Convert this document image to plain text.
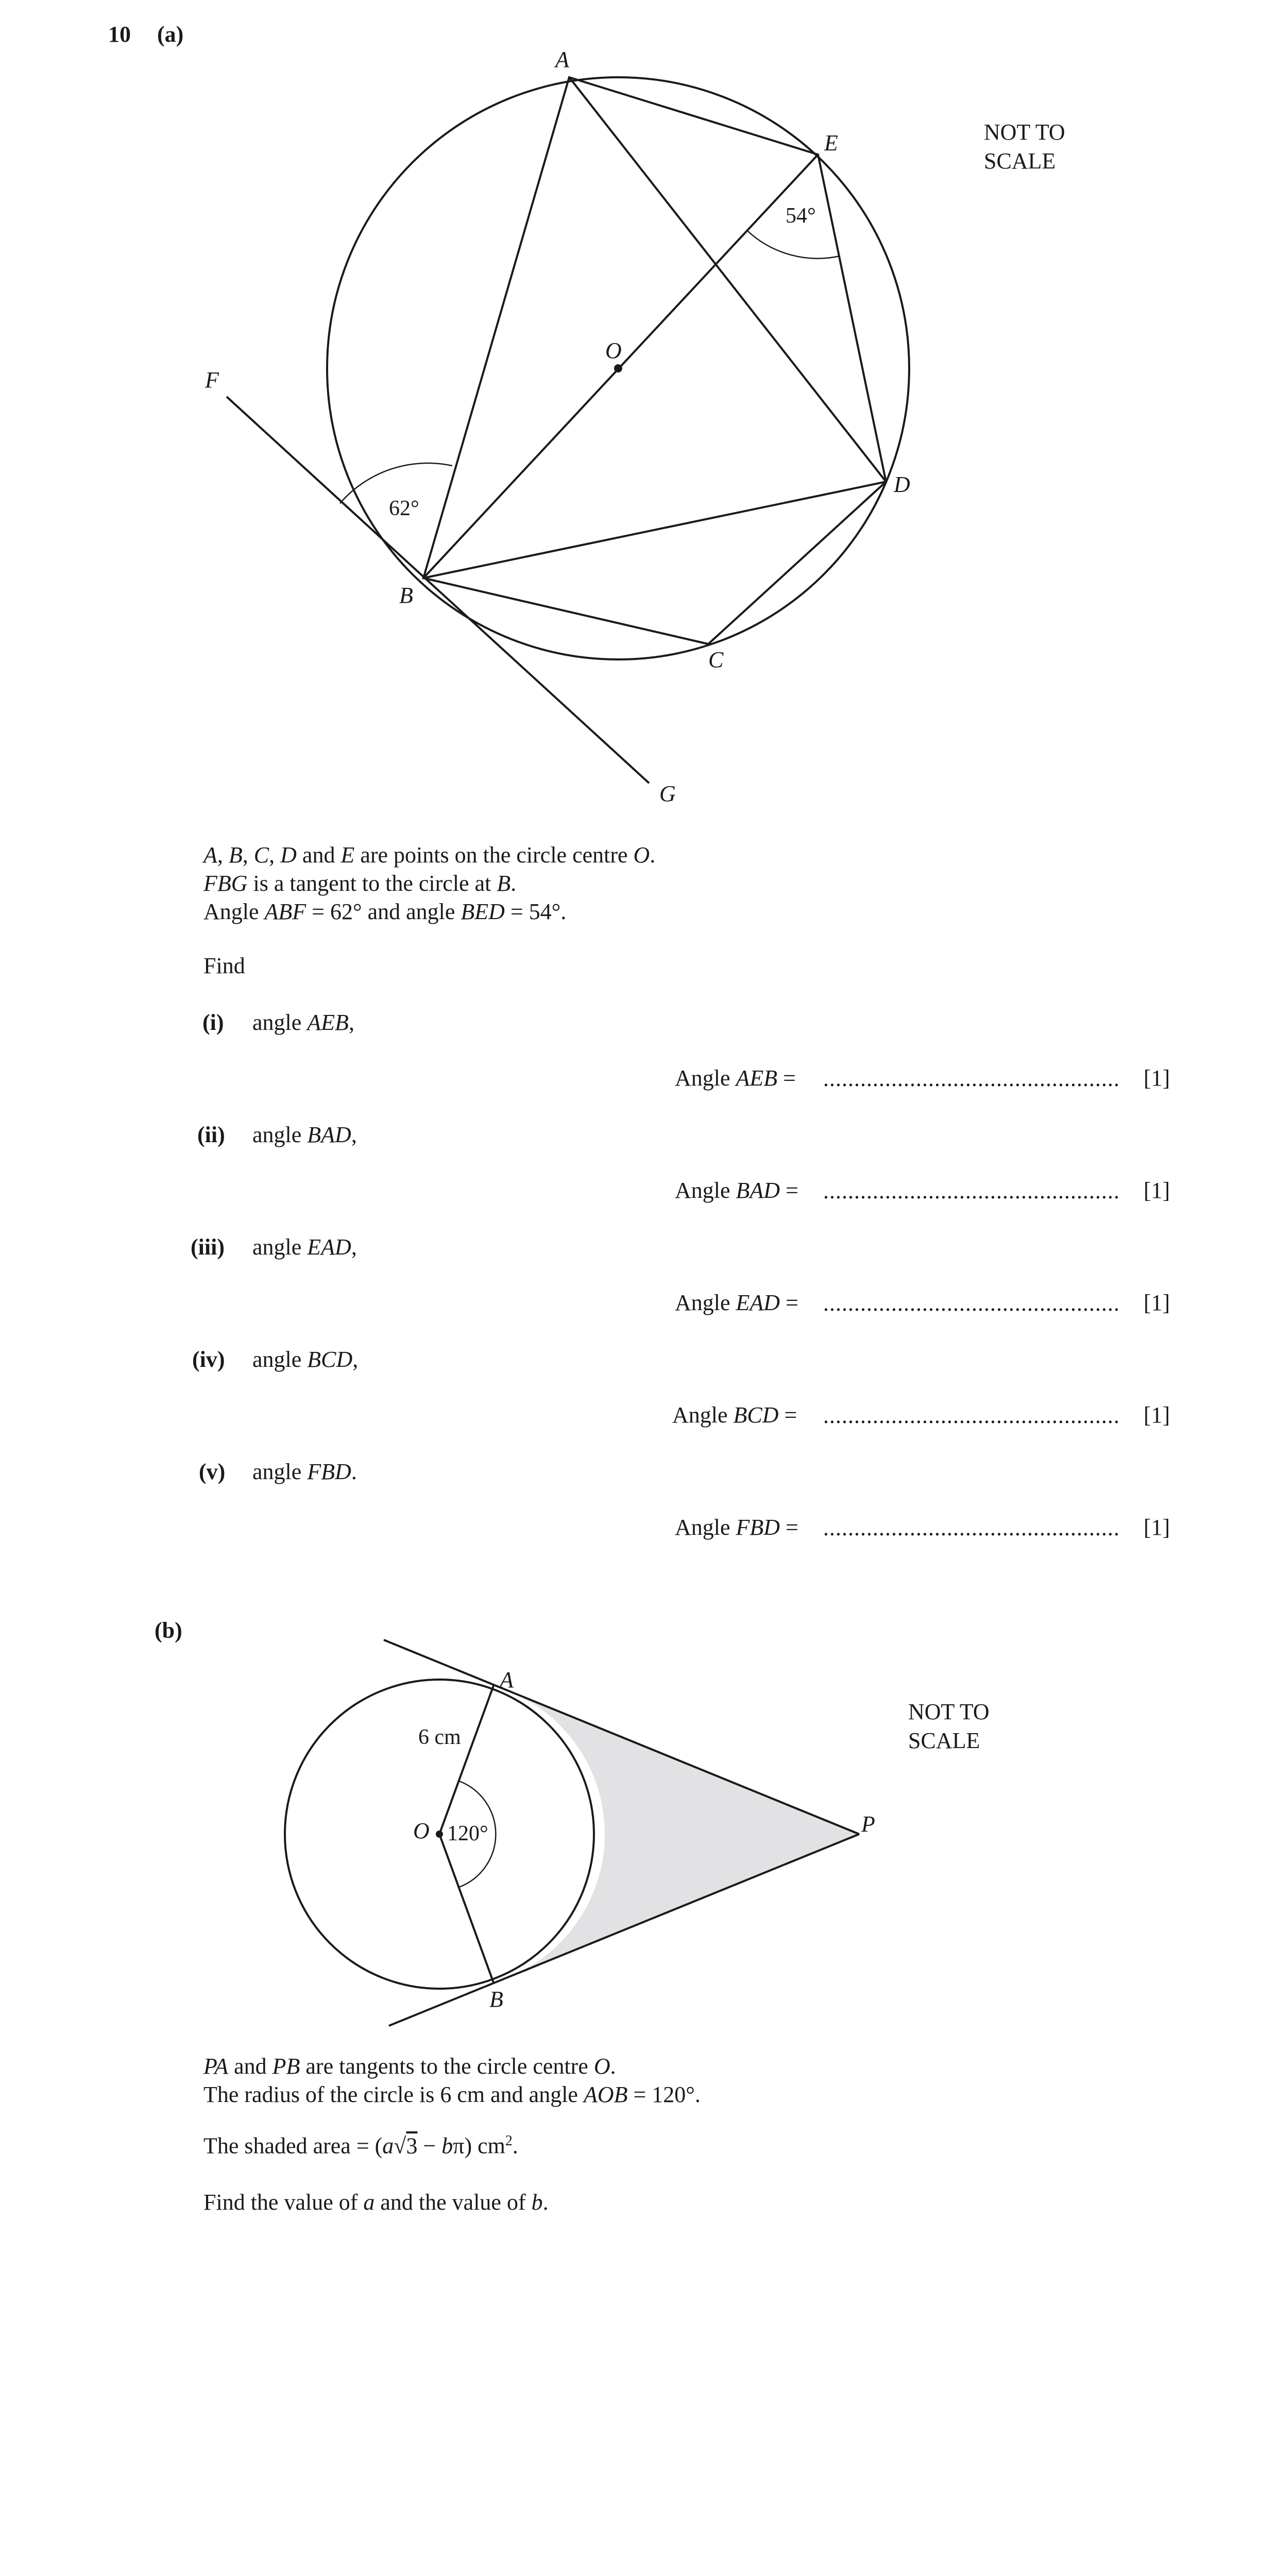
10 (a)
A
E
O
F
D
B
C
G
62°
54°
NOT TO
SCALE
A, B, C, D and E are points on the circle centre O.
FBG is a tangent to the circle at B.
Angle ABF = 62° and angle BED = 54°.
Find
(i) angle AEB,
Angle AEB = ................................................ [1]
(ii) angle BAD,
Angle BAD = ................................................ [1]
(iii) angle EAD,
Angle EAD = ................................................ [1]
(iv) angle BCD,
Angle BCD = ................................................ [1]
(v) angle FBD.
Angle FBD = ................................................ [1]
(b)
A
O	P
B
6 cm
120°
NOT TO
SCALE
PA and PB are tangents to the circle centre O.
The radius of the circle is 6 cm and angle AOB = 120°.
The shaded area = (a√3 − bπ) $cm^2$.
Find the value of a and the value of b.
